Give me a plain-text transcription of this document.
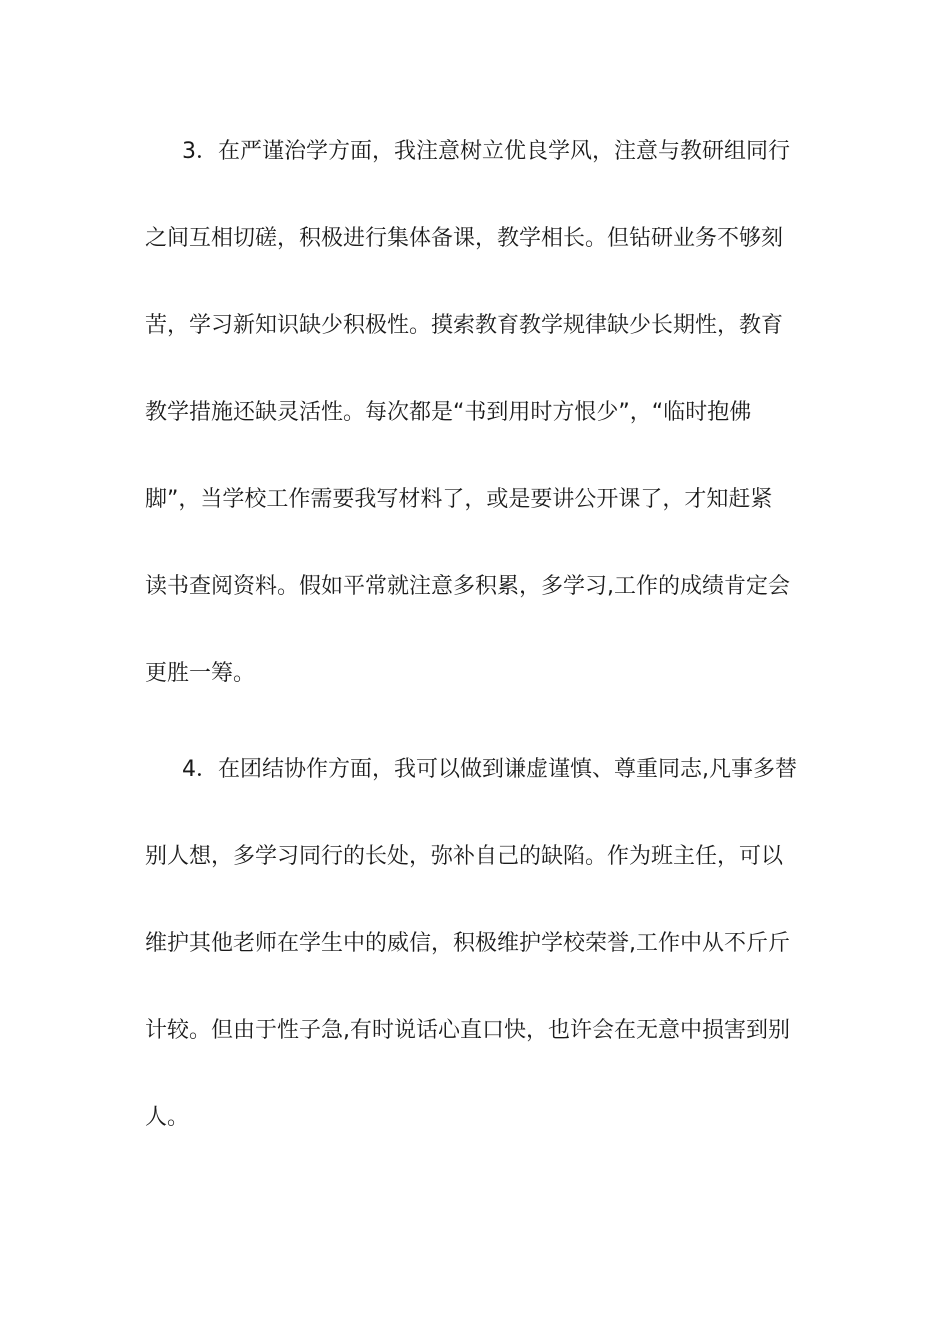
3．在严谨治学方面，我注意树立优良学风，注意与教研组同行
之间互相切磋，积极进行集体备课，教学相长。但钻研业务不够刻
苦，学习新知识缺少积极性。摸索教育教学规律缺少长期性，教育
教学措施还缺灵活性。每次都是“书到用时方恨少”，“临时抱佛
脚”，当学校工作需要我写材料了，或是要讲公开课了，才知赶紧
读书查阅资料。假如平常就注意多积累，多学习,工作的成绩肯定会
更胜一筹。
4．在团结协作方面，我可以做到谦虚谨慎、尊重同志,凡事多替
别人想，多学习同行的长处，弥补自己的缺陷。作为班主任，可以
维护其他老师在学生中的威信，积极维护学校荣誉,工作中从不斤斤
计较。但由于性子急,有时说话心直口快，也许会在无意中损害到别
人。
